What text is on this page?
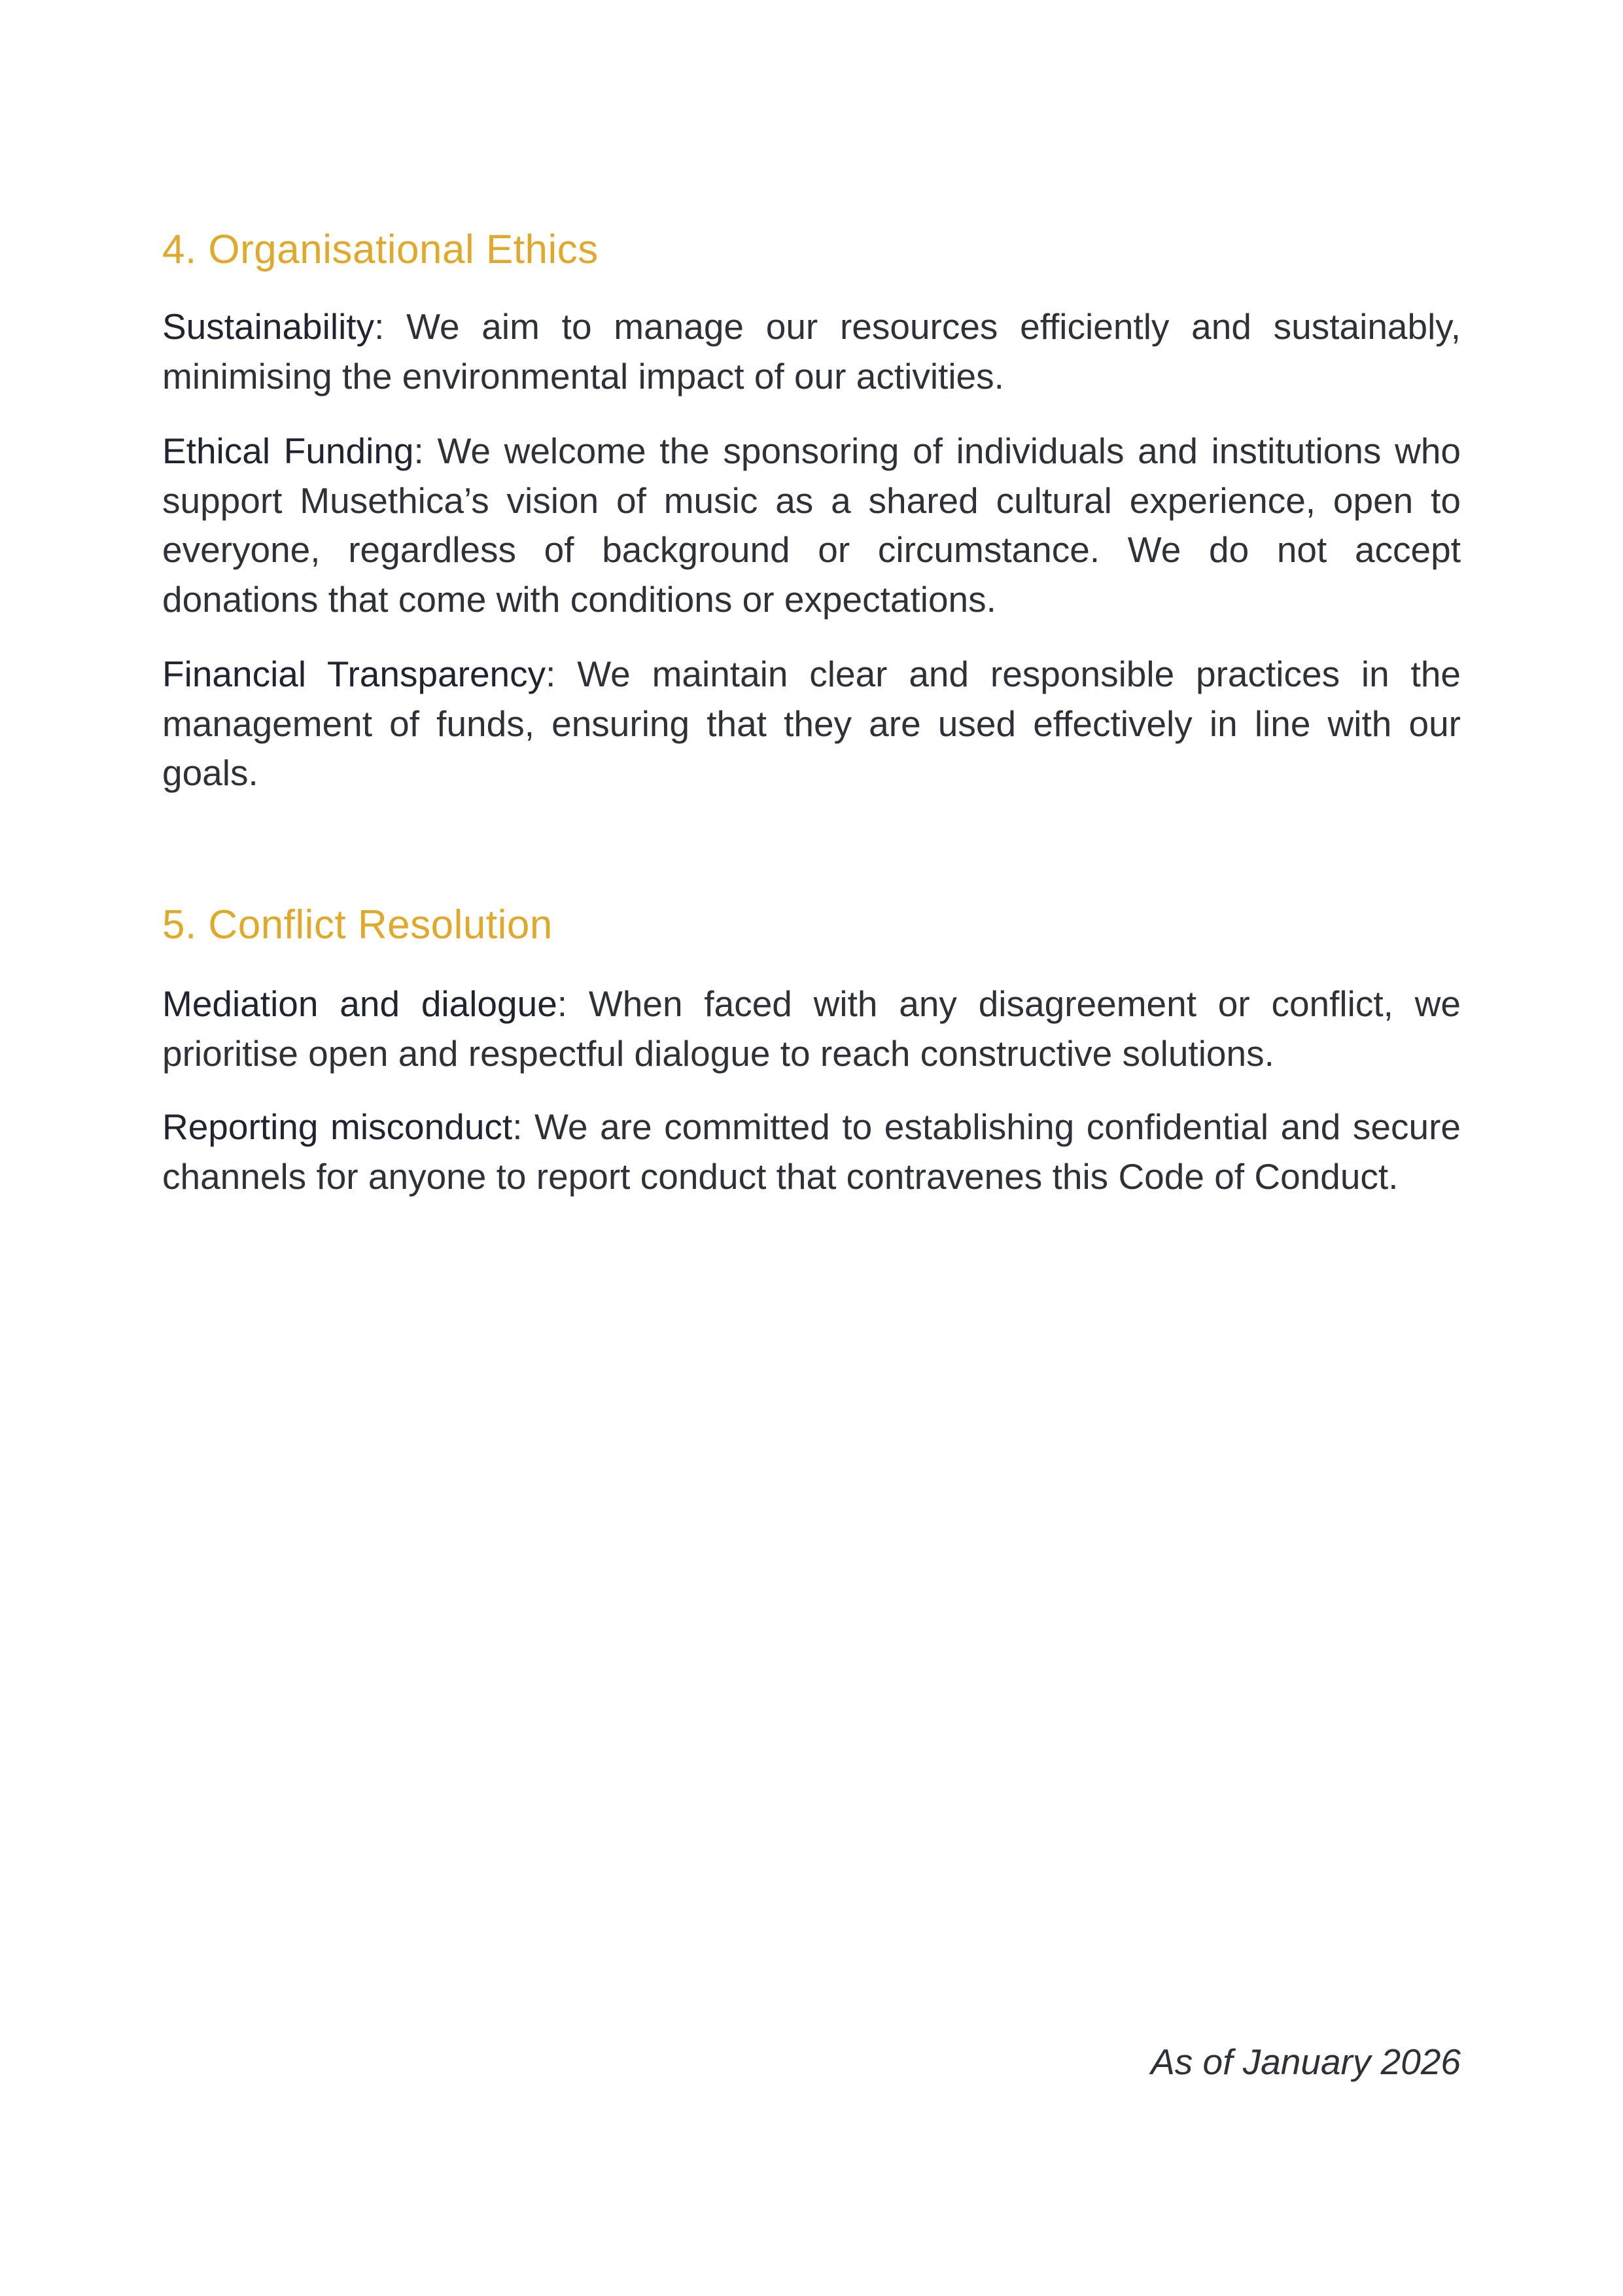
4. Organisational Ethics

Sustainability: We aim to manage our resources efficiently and sustainably, minimising the environmental impact of our activities.

Ethical Funding: We welcome the sponsoring of individuals and institutions who support Musethica’s vision of music as a shared cultural experience, open to everyone, regardless of background or circumstance. We do not accept donations that come with conditions or expectations.

Financial Transparency: We maintain clear and responsible practices in the management of funds, ensuring that they are used effectively in line with our goals.

5. Conflict Resolution

Mediation and dialogue: When faced with any disagreement or conflict, we prioritise open and respectful dialogue to reach constructive solutions.

Reporting misconduct: We are committed to establishing confidential and secure channels for anyone to report conduct that contravenes this Code of Conduct.

As of January 2026
